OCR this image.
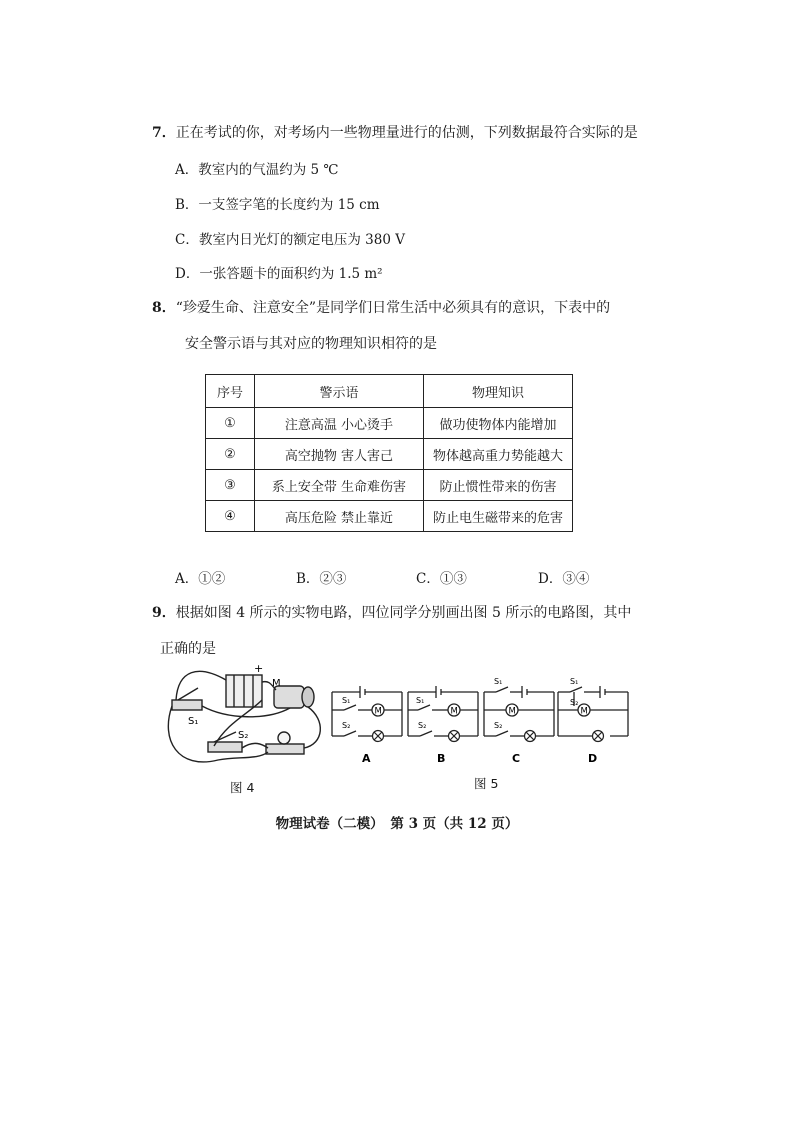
7．正在考试的你，对考场内一些物理量进行的估测，下列数据最符合实际的是
A．教室内的气温约为 5 ℃
B．一支签字笔的长度约为 15 cm
C．教室内日光灯的额定电压为 380 V
D．一张答题卡的面积约为 1.5 m²
8．“珍爱生命、注意安全”是同学们日常生活中必须具有的意识，下表中的
安全警示语与其对应的物理知识相符的是
序号	警示语	物理知识
①	注意高温 小心烫手	做功使物体内能增加
②	高空抛物 害人害己	物体越高重力势能越大
③	系上安全带 生命难伤害	防止惯性带来的伤害
④	高压危险 禁止靠近	防止电生磁带来的危害
A．①②	B．②③	C．①③	D．③④
9．根据如图 4 所示的实物电路，四位同学分别画出图 5 所示的电路图，其中
正确的是
+
M
S₁
S₂
图 4
M	M	M	M
S₁
S₂
S₁
S₂
S₁
S₂
S₁
S₂
A	B	C	D
图 5
物理试卷（二模）　第 3 页（共 12 页）
